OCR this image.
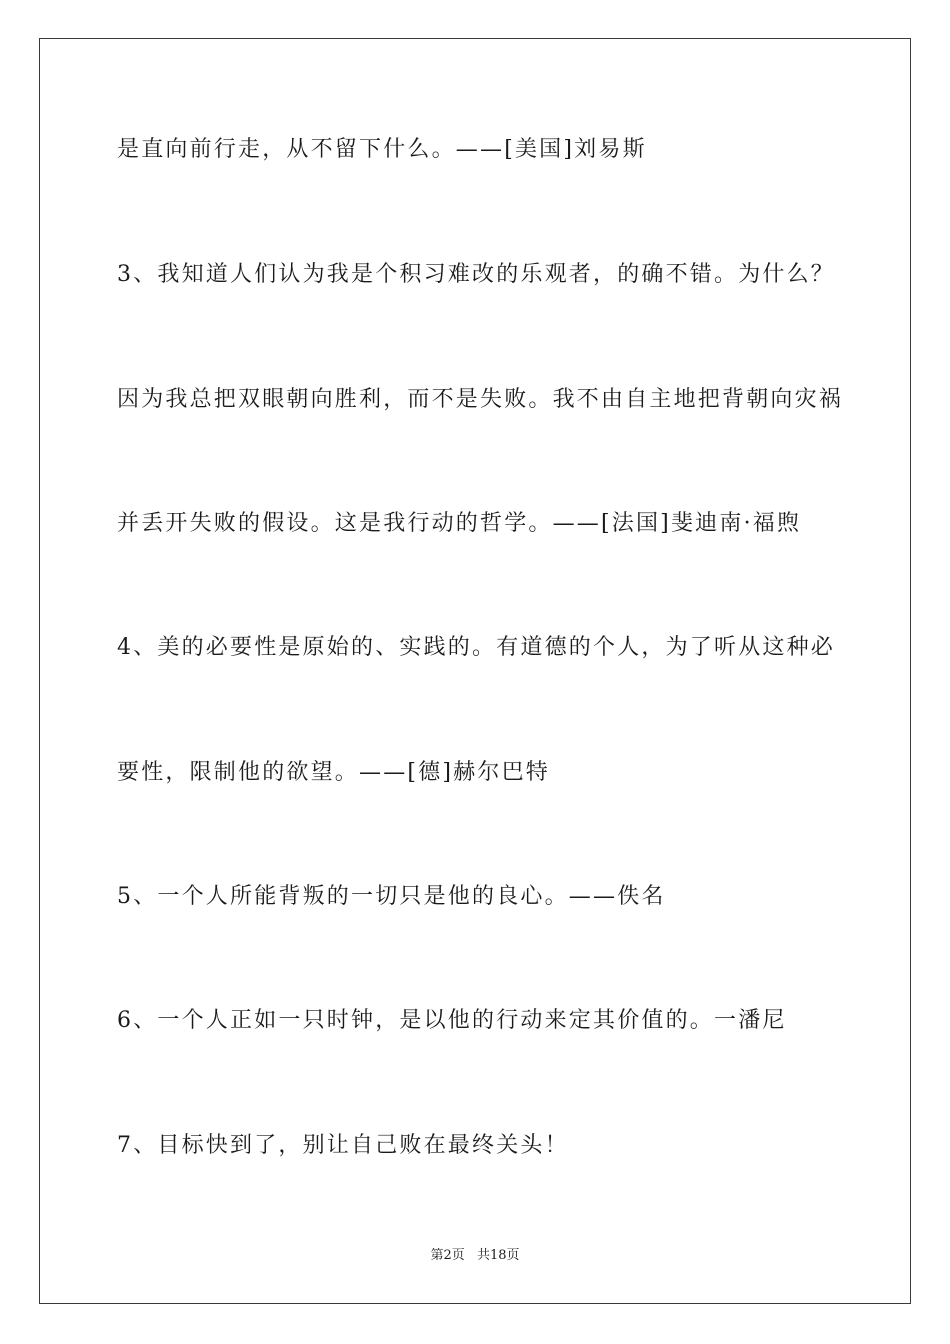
是直向前行走，从不留下什么。——[美国]刘易斯
3、我知道人们认为我是个积习难改的乐观者，的确不错。为什么？
因为我总把双眼朝向胜利，而不是失败。我不由自主地把背朝向灾祸
并丢开失败的假设。这是我行动的哲学。——[法国]斐迪南·福煦
4、美的必要性是原始的、实践的。有道德的个人，为了听从这种必
要性，限制他的欲望。——[德]赫尔巴特
5、一个人所能背叛的一切只是他的良心。——佚名
6、一个人正如一只时钟，是以他的行动来定其价值的。一潘尼
7、目标快到了，别让自己败在最终关头！
第2页 共18页
